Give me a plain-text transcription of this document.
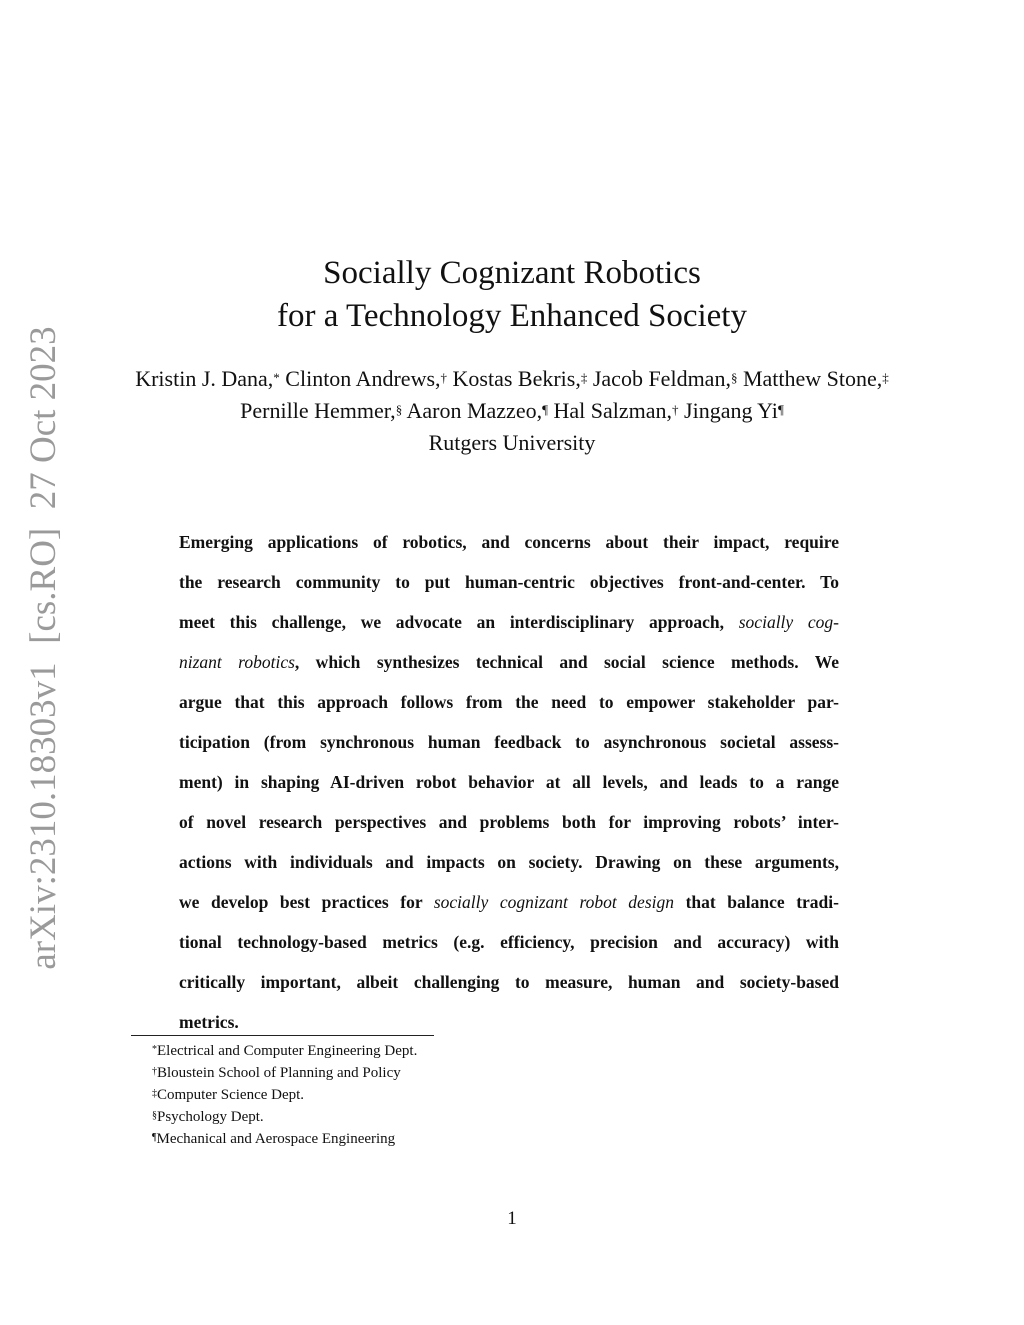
arXiv:2310.18303v1  [cs.RO]  27 Oct 2023
Socially Cognizant Robotics
for a Technology Enhanced Society
Kristin J. Dana,* Clinton Andrews,† Kostas Bekris,‡ Jacob Feldman,§ Matthew Stone,‡
Pernille Hemmer,§ Aaron Mazzeo,¶ Hal Salzman,† Jingang Yi¶
Rutgers University
Emerging applications of robotics, and concerns about their impact, require
the research community to put human-centric objectives front-and-center. To
meet this challenge, we advocate an interdisciplinary approach, socially cog-
nizant robotics, which synthesizes technical and social science methods. We
argue that this approach follows from the need to empower stakeholder par-
ticipation (from synchronous human feedback to asynchronous societal assess-
ment) in shaping AI-driven robot behavior at all levels, and leads to a range
of novel research perspectives and problems both for improving robots’ inter-
actions with individuals and impacts on society. Drawing on these arguments,
we develop best practices for socially cognizant robot design that balance tradi-
tional technology-based metrics (e.g. efficiency, precision and accuracy) with
critically important, albeit challenging to measure, human and society-based
metrics.
*Electrical and Computer Engineering Dept.
†Bloustein School of Planning and Policy
‡Computer Science Dept.
§Psychology Dept.
¶Mechanical and Aerospace Engineering
1
